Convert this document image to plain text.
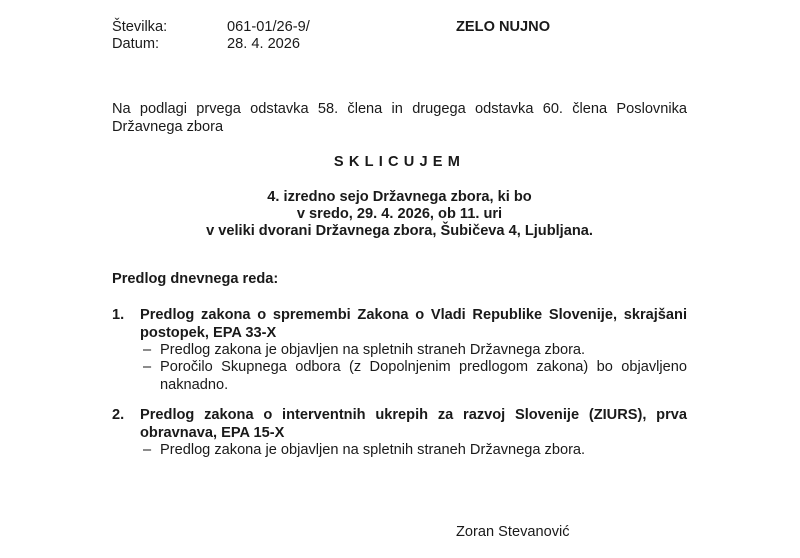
Številka:	061-01/26-9/	ZELO NUJNO
Datum:	28. 4. 2026
Na podlagi prvega odstavka 58. člena in drugega odstavka 60. člena Poslovnika Državnega zbora
SKLICUJEM
4. izredno sejo Državnega zbora, ki bo
v sredo, 29. 4. 2026, ob 11. uri
v veliki dvorani Državnega zbora, Šubičeva 4, Ljubljana.
Predlog dnevnega reda:
1. Predlog zakona o spremembi Zakona o Vladi Republike Slovenije, skrajšani postopek, EPA 33-X
– Predlog zakona je objavljen na spletnih straneh Državnega zbora.
– Poročilo Skupnega odbora (z Dopolnjenim predlogom zakona) bo objavljeno naknadno.
2. Predlog zakona o interventnih ukrepih za razvoj Slovenije (ZIURS), prva obravnava, EPA 15-X
– Predlog zakona je objavljen na spletnih straneh Državnega zbora.
Zoran Stevanović
